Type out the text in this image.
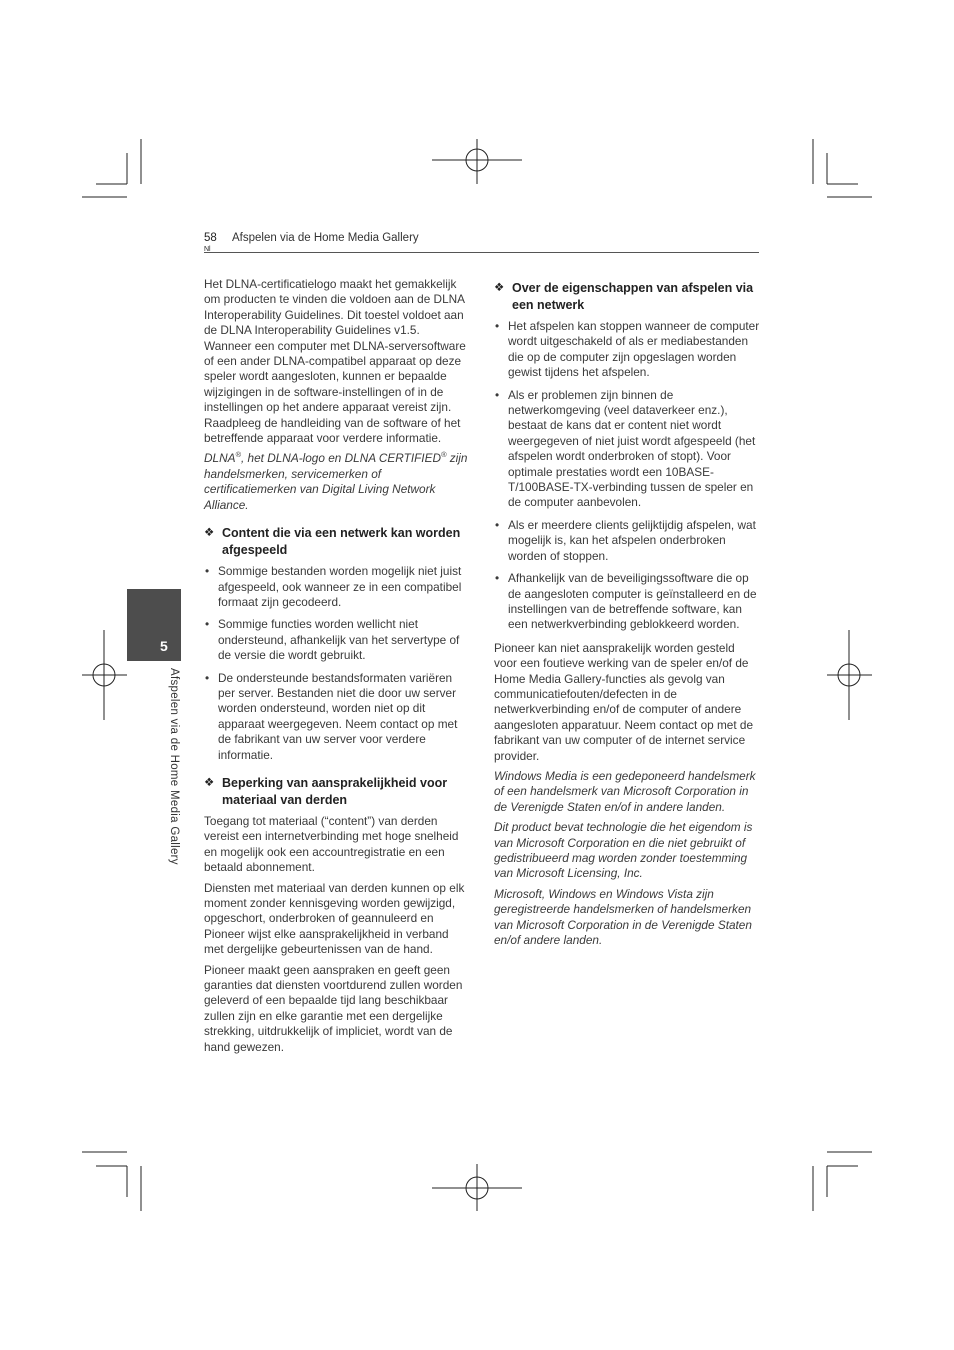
58
Nl
Afspelen via de Home Media Gallery
5
Afspelen via de Home Media Gallery

Het DLNA-certificatielogo maakt het gemakkelijk om producten te vinden die voldoen aan de DLNA Interoperability Guidelines. Dit toestel voldoet aan de DLNA Interoperability Guidelines v1.5. Wanneer een computer met DLNA-serversoftware of een ander DLNA-compatibel apparaat op deze speler wordt aangesloten, kunnen er bepaalde wijzigingen in de software-instellingen of in de instellingen op het andere apparaat vereist zijn. Raadpleeg de handleiding van de software of het betreffende apparaat voor verdere informatie.

DLNA®, het DLNA-logo en DLNA CERTIFIED® zijn handelsmerken, servicemerken of certificatiemerken van Digital Living Network Alliance.

❖ Content die via een netwerk kan worden afgespeeld
• Sommige bestanden worden mogelijk niet juist afgespeeld, ook wanneer ze in een compatibel formaat zijn gecodeerd.
• Sommige functies worden wellicht niet ondersteund, afhankelijk van het servertype of de versie die wordt gebruikt.
• De ondersteunde bestandsformaten variëren per server. Bestanden niet die door uw server worden ondersteund, worden niet op dit apparaat weergegeven. Neem contact op met de fabrikant van uw server voor verdere informatie.
❖ Beperking van aansprakelijkheid voor materiaal van derden

Toegang tot materiaal (“content”) van derden vereist een internetverbinding met hoge snelheid en mogelijk ook een accountregistratie en een betaald abonnement.

Diensten met materiaal van derden kunnen op elk moment zonder kennisgeving worden gewijzigd, opgeschort, onderbroken of geannuleerd en Pioneer wijst elke aansprakelijkheid in verband met dergelijke gebeurtenissen van de hand.

Pioneer maakt geen aanspraken en geeft geen garanties dat diensten voortdurend zullen worden geleverd of een bepaalde tijd lang beschikbaar zullen zijn en elke garantie met een dergelijke strekking, uitdrukkelijk of impliciet, wordt van de hand gewezen.

❖ Over de eigenschappen van afspelen via een netwerk
• Het afspelen kan stoppen wanneer de computer wordt uitgeschakeld of als er mediabestanden die op de computer zijn opgeslagen worden gewist tijdens het afspelen.
• Als er problemen zijn binnen de netwerkomgeving (veel dataverkeer enz.), bestaat de kans dat er content niet wordt weergegeven of niet juist wordt afgespeeld (het afspelen wordt onderbroken of stopt). Voor optimale prestaties wordt een 10BASE-T/100BASE-TX-verbinding tussen de speler en de computer aanbevolen.
• Als er meerdere clients gelijktijdig afspelen, wat mogelijk is, kan het afspelen onderbroken worden of stoppen.
• Afhankelijk van de beveiligingssoftware die op de aangesloten computer is geïnstalleerd en de instellingen van de betreffende software, kan een netwerkverbinding geblokkeerd worden.

Pioneer kan niet aansprakelijk worden gesteld voor een foutieve werking van de speler en/of de Home Media Gallery-functies als gevolg van communicatiefouten/defecten in de netwerkverbinding en/of de computer of andere aangesloten apparatuur. Neem contact op met de fabrikant van uw computer of de internet service provider.

Windows Media is een gedeponeerd handelsmerk of een handelsmerk van Microsoft Corporation in de Verenigde Staten en/of in andere landen.

Dit product bevat technologie die het eigendom is van Microsoft Corporation en die niet gebruikt of gedistribueerd mag worden zonder toestemming van Microsoft Licensing, Inc.

Microsoft, Windows en Windows Vista zijn geregistreerde handelsmerken of handelsmerken van Microsoft Corporation in de Verenigde Staten en/of andere landen.
